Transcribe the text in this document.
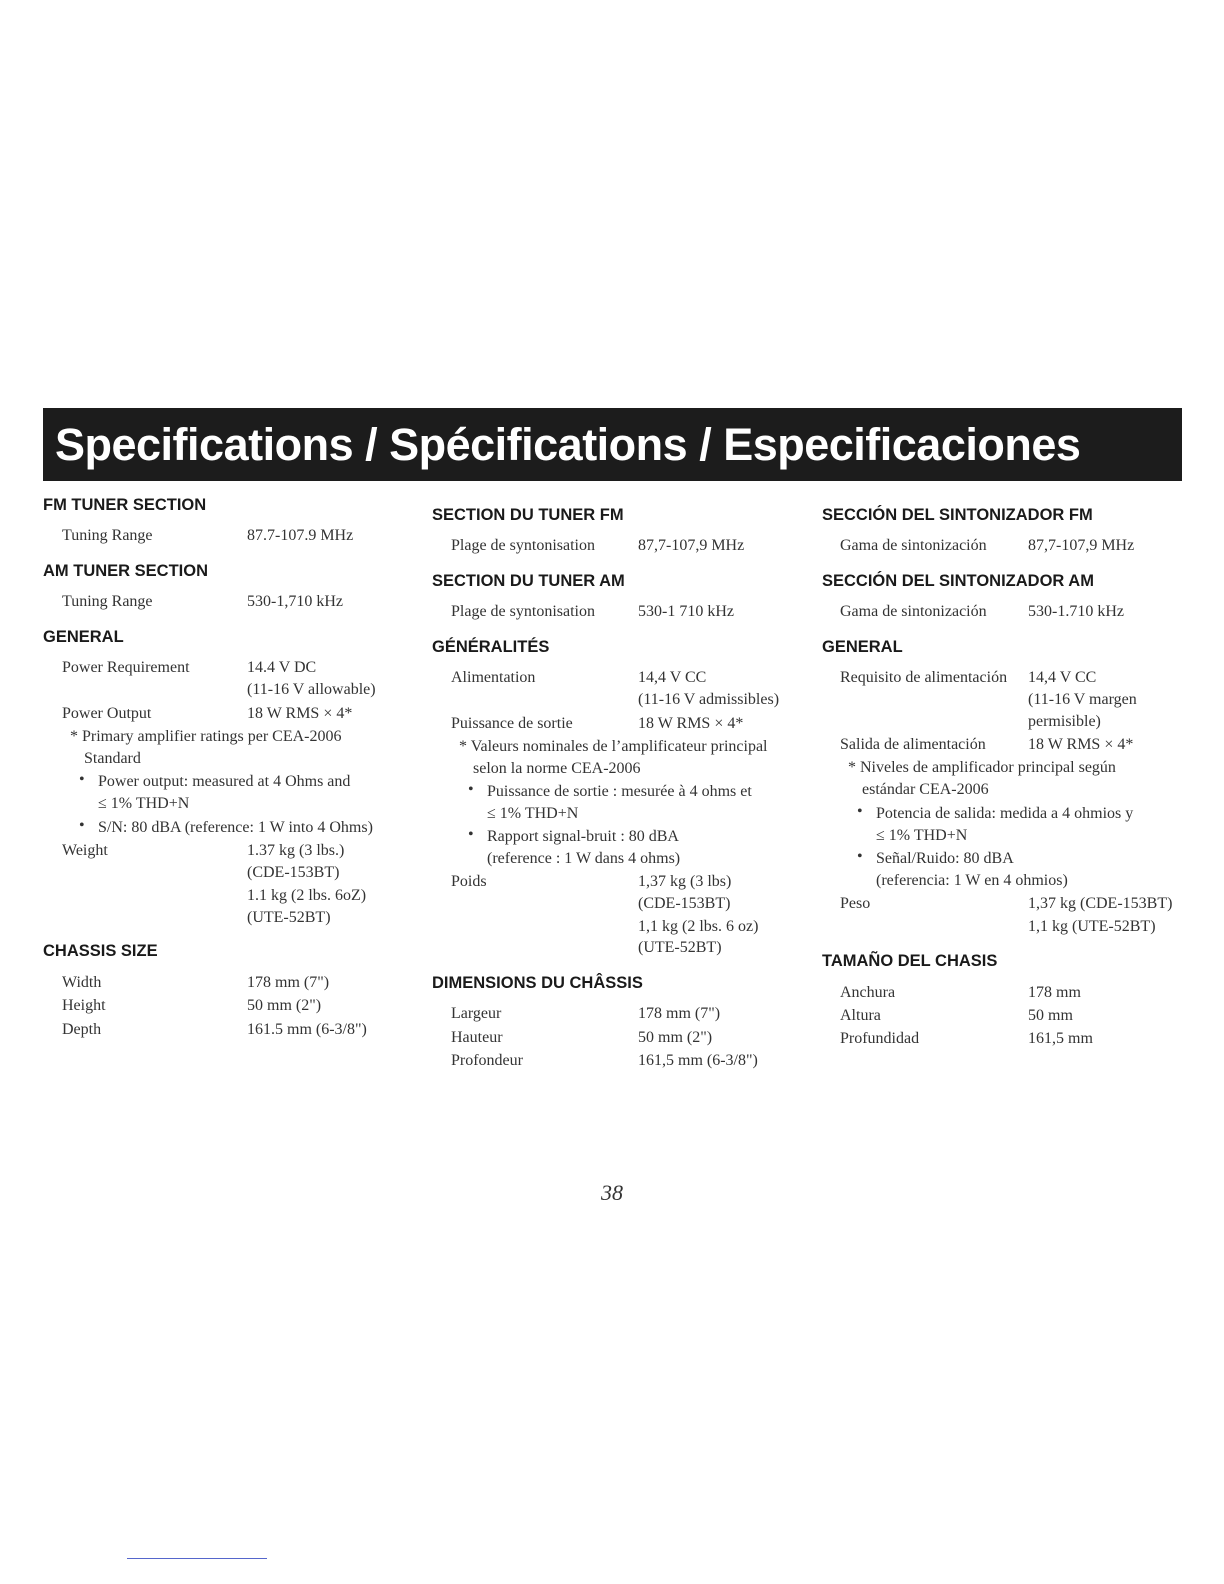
Specifications / Spécifications / Especificaciones
FM TUNER SECTION
Tuning Range	87.7-107.9 MHz
AM TUNER SECTION
Tuning Range	530-1,710 kHz
GENERAL
Power Requirement	14.4 V DC
(11-16 V allowable)
Power Output	18 W RMS × 4*
* Primary amplifier ratings per CEA-2006
Standard
• Power output: measured at 4 Ohms and
≤ 1% THD+N
• S/N: 80 dBA (reference: 1 W into 4 Ohms)
Weight	1.37 kg (3 lbs.)
(CDE-153BT)
1.1 kg (2 lbs. 6oZ)
(UTE-52BT)
CHASSIS SIZE
Width	178 mm (7")
Height	50 mm (2")
Depth	161.5 mm (6-3/8")
SECTION DU TUNER FM
Plage de syntonisation	87,7-107,9 MHz
SECTION DU TUNER AM
Plage de syntonisation	530-1 710 kHz
GÉNÉRALITÉS
Alimentation	14,4 V CC
(11-16 V admissibles)
Puissance de sortie	18 W RMS × 4*
* Valeurs nominales de l’amplificateur principal
selon la norme CEA-2006
• Puissance de sortie : mesurée à 4 ohms et
≤ 1% THD+N
• Rapport signal-bruit : 80 dBA
(reference : 1 W dans 4 ohms)
Poids	1,37 kg (3 lbs)
(CDE-153BT)
1,1 kg (2 lbs. 6 oz)
(UTE-52BT)
DIMENSIONS DU CHÂSSIS
Largeur	178 mm (7")
Hauteur	50 mm (2")
Profondeur	161,5 mm (6-3/8")
SECCIÓN DEL SINTONIZADOR FM
Gama de sintonización	87,7-107,9 MHz
SECCIÓN DEL SINTONIZADOR AM
Gama de sintonización	530-1.710 kHz
GENERAL
Requisito de alimentación 14,4 V CC
(11-16 V margen
permisible)
Salida de alimentación	18 W RMS × 4*
* Niveles de amplificador principal según
estándar CEA-2006
• Potencia de salida: medida a 4 ohmios y
≤ 1% THD+N
• Señal/Ruido: 80 dBA
(referencia: 1 W en 4 ohmios)
Peso	1,37 kg (CDE-153BT)
1,1 kg (UTE-52BT)
TAMAÑO DEL CHASIS
Anchura	178 mm
Altura	50 mm
Profundidad	161,5 mm
38
